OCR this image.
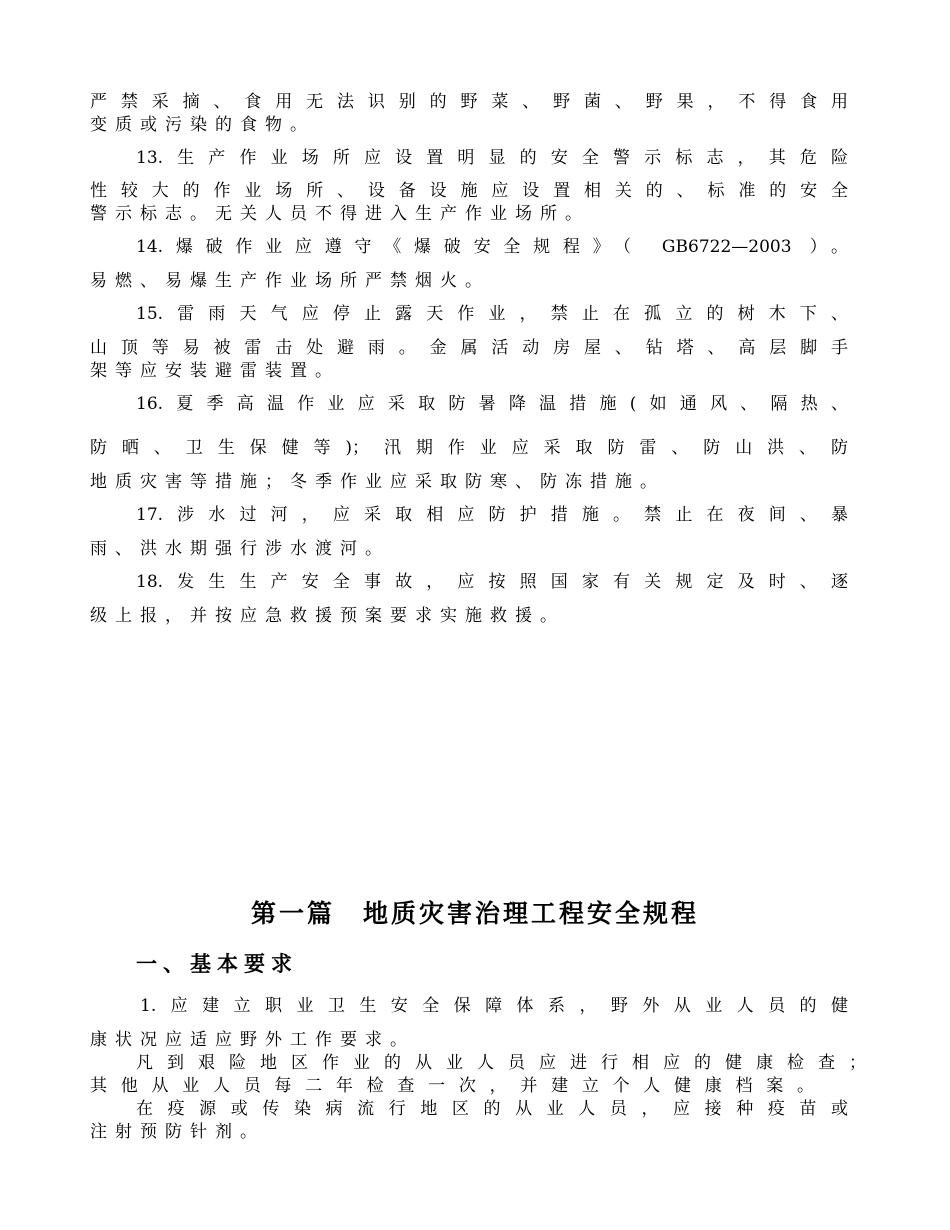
严禁采摘、食用无法识别的野菜、野菌、野果，不得食用
变质或污染的食物。
13.生产作业场所应设置明显的安全警示标志，其危险
性较大的作业场所、设备设施应设置相关的、标准的安全
警示标志。无关人员不得进入生产作业场所。
14.爆破作业应遵守《爆破安全规程》（ GB6722—2003 ）。
易燃、易爆生产作业场所严禁烟火。
15.雷雨天气应停止露天作业，禁止在孤立的树木下、
山顶等易被雷击处避雨。金属活动房屋、钻塔、高层脚手
架等应安装避雷装置。
16.夏季高温作业应采取防暑降温措施(如通风、隔热、
防晒、卫生保健等)；汛期作业应采取防雷、防山洪、防
地质灾害等措施；冬季作业应采取防寒、防冻措施。
17.涉水过河，应采取相应防护措施。禁止在夜间、暴
雨、洪水期强行涉水渡河。
18.发生生产安全事故，应按照国家有关规定及时、逐
级上报，并按应急救援预案要求实施救援。
第一篇　地质灾害治理工程安全规程
一、基本要求
1.应建立职业卫生安全保障体系，野外从业人员的健
康状况应适应野外工作要求。
凡到艰险地区作业的从业人员应进行相应的健康检查；
其他从业人员每二年检查一次，并建立个人健康档案。
在疫源或传染病流行地区的从业人员，应接种疫苗或
注射预防针剂。
